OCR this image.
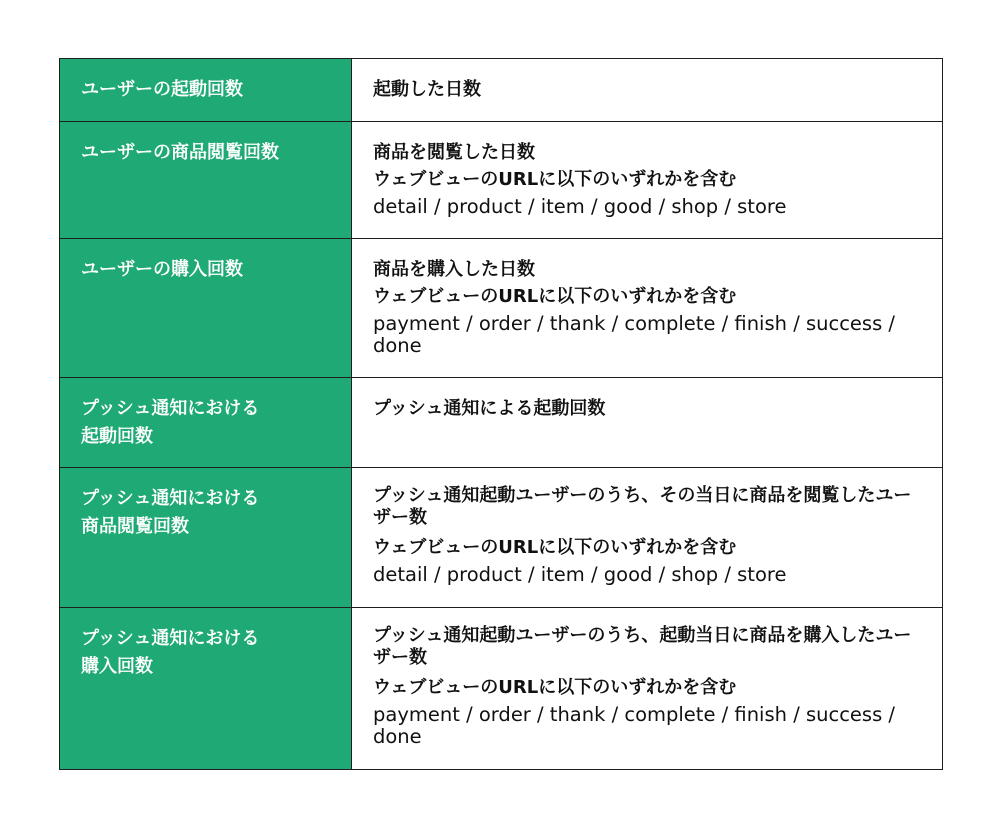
ユーザーの起動回数	起動した日数

ユーザーの商品閲覧回数	商品を閲覧した日数
ウェブビューのURLに以下のいずれかを含む
detail / product / item / good / shop / store

ユーザーの購入回数	商品を購入した日数
ウェブビューのURLに以下のいずれかを含む
payment / order / thank / complete / finish / success / done

プッシュ通知における
起動回数	プッシュ通知による起動回数

プッシュ通知における
商品閲覧回数	プッシュ通知起動ユーザーのうち、その当日に商品を閲覧したユーザー数
ウェブビューのURLに以下のいずれかを含む
detail / product / item / good / shop / store

プッシュ通知における
購入回数	プッシュ通知起動ユーザーのうち、起動当日に商品を購入したユーザー数
ウェブビューのURLに以下のいずれかを含む
payment / order / thank / complete / finish / success / done
